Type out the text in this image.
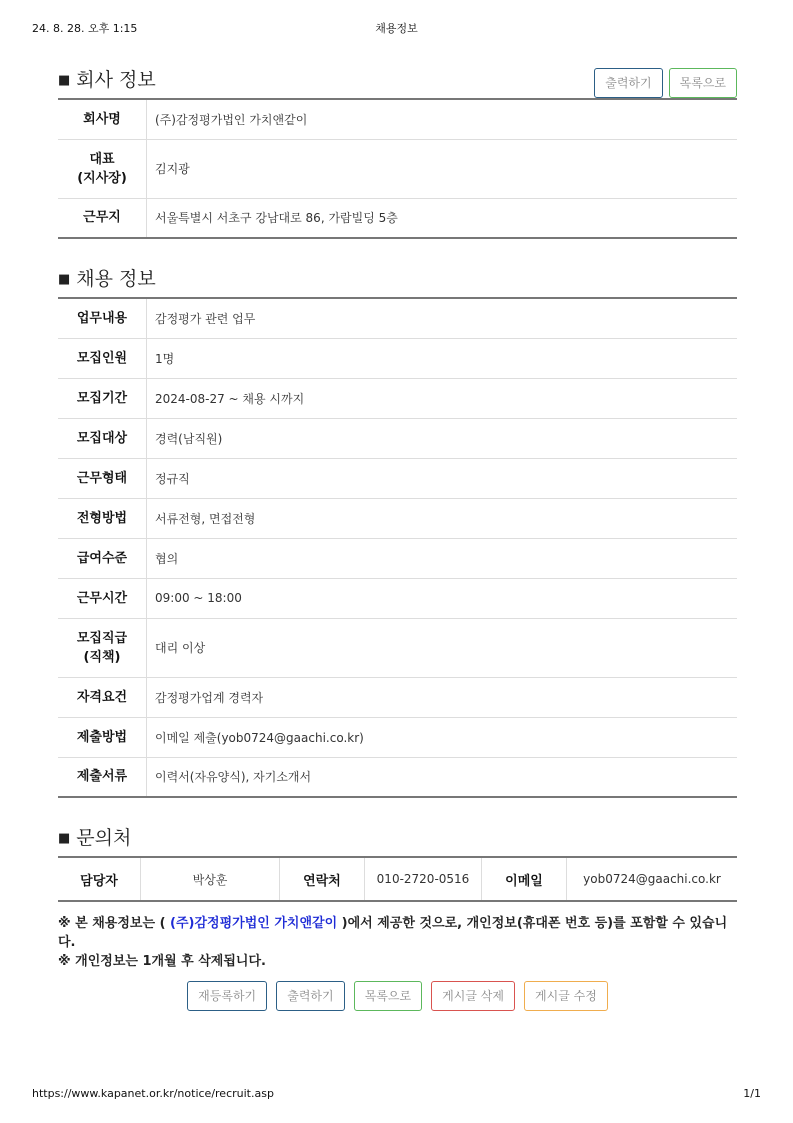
24. 8. 28. 오후 1:15	채용정보
■ 회사 정보	출력하기 목록으로
회사명	(주)감정평가법인 가치앤같이
대표
(지사장)	김지광
근무지	서울특별시 서초구 강남대로 86, 가람빌딩 5층
■ 채용 정보
업무내용	감정평가 관련 업무
모집인원	1명
모집기간	2024-08-27 ~ 채용 시까지
모집대상	경력(남직원)
근무형태	정규직
전형방법	서류전형, 면접전형
급여수준	협의
근무시간	09:00 ~ 18:00
모집직급
(직책)	대리 이상
자격요건	감정평가업계 경력자
제출방법	이메일 제출(yob0724@gaachi.co.kr)
제출서류	이력서(자유양식), 자기소개서
■ 문의처
담당자	박상훈	연락처	010-2720-0516	이메일	yob0724@gaachi.co.kr
※ 본 채용정보는 ( (주)감정평가법인 가치앤같이 )에서 제공한 것으로, 개인정보(휴대폰 번호 등)를 포함할 수 있습니다.
※ 개인정보는 1개월 후 삭제됩니다.
재등록하기	출력하기	목록으로	게시글 삭제	게시글 수정
https://www.kapanet.or.kr/notice/recruit.asp	1/1
